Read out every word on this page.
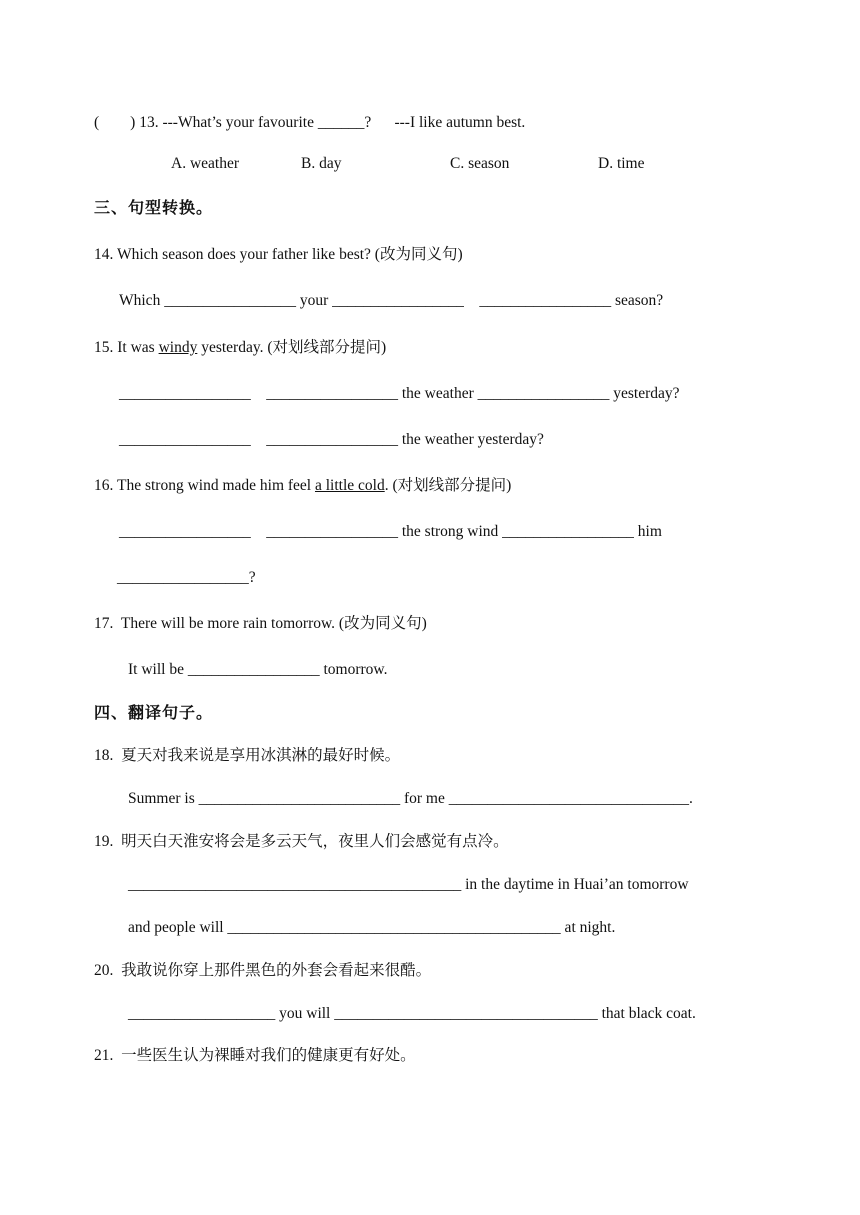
(        ) 13. ---What’s your favourite ______?      ---I like autumn best.
A. weather	B. day	C. season	D. time
三、句型转换。
14. Which season does your father like best? (改为同义句)
Which _________________ your _________________    _________________ season?
15. It was windy yesterday. (对划线部分提问)
_________________    _________________ the weather _________________ yesterday?
_________________    _________________ the weather yesterday?
16. The strong wind made him feel a little cold. (对划线部分提问)
_________________    _________________ the strong wind _________________ him
_________________?
17.  There will be more rain tomorrow. (改为同义句)
It will be _________________ tomorrow.
四、翻译句子。
18.  夏天对我来说是享用冰淇淋的最好时候。
Summer is __________________________ for me _______________________________.
19.  明天白天淮安将会是多云天气，夜里人们会感觉有点冷。
___________________________________________ in the daytime in Huai’an tomorrow
and people will ___________________________________________ at night.
20.  我敢说你穿上那件黑色的外套会看起来很酷。
___________________ you will __________________________________ that black coat.
21.  一些医生认为裸睡对我们的健康更有好处。
